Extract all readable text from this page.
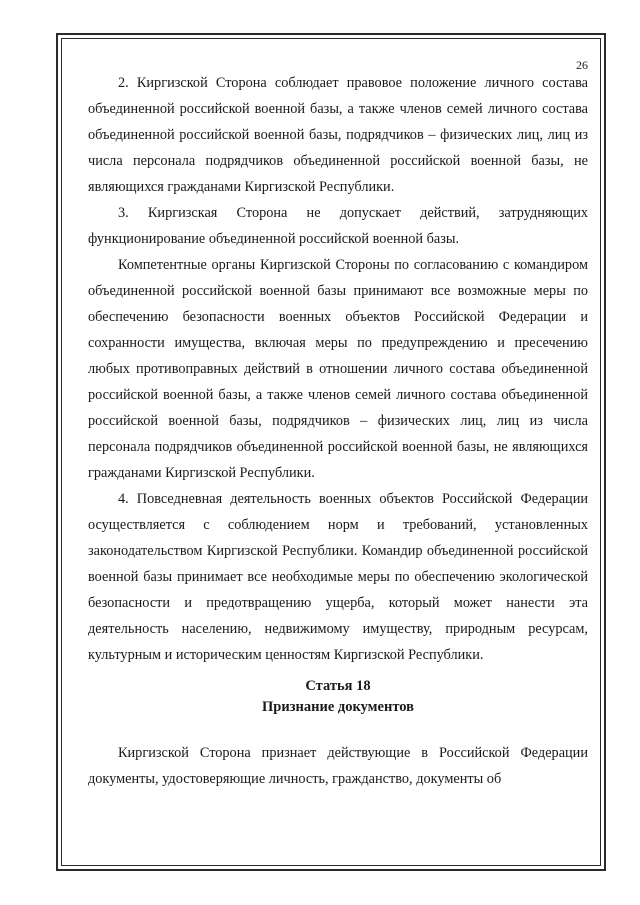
26

2. Киргизской Сторона соблюдает правовое положение личного состава объединенной российской военной базы, а также членов семей личного состава объединенной российской военной базы, подрядчиков – физических лиц, лиц из числа персонала подрядчиков объединенной российской военной базы, не являющихся гражданами Киргизской Республики.

3. Киргизская Сторона не допускает действий, затрудняющих функционирование объединенной российской военной базы.

Компетентные органы Киргизской Стороны по согласованию с командиром объединенной российской военной базы принимают все возможные меры по обеспечению безопасности военных объектов Российской Федерации и сохранности имущества, включая меры по предупреждению и пресечению любых противоправных действий в отношении личного состава объединенной российской военной базы, а также членов семей личного состава объединенной российской военной базы, подрядчиков – физических лиц, лиц из числа персонала подрядчиков объединенной российской военной базы, не являющихся гражданами Киргизской Республики.

4. Повседневная деятельность военных объектов Российской Федерации осуществляется с соблюдением норм и требований, установленных законодательством Киргизской Республики. Командир объединенной российской военной базы принимает все необходимые меры по обеспечению экологической безопасности и предотвращению ущерба, который может нанести эта деятельность населению, недвижимому имуществу, природным ресурсам, культурным и историческим ценностям Киргизской Республики.

Статья 18
Признание документов

Киргизской Сторона признает действующие в Российской Федерации документы, удостоверяющие личность, гражданство, документы об
